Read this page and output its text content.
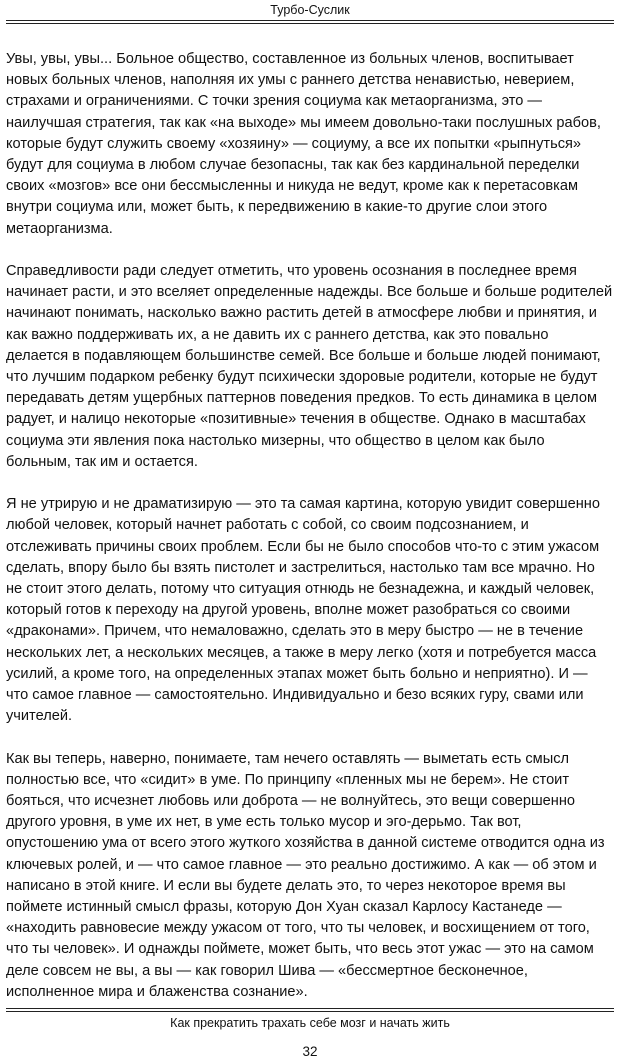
Турбо-Суслик

Увы, увы, увы... Больное общество, составленное из больных членов, воспитывает новых больных членов, наполняя их умы с раннего детства ненавистью, неверием, страхами и ограничениями. С точки зрения социума как метаорганизма, это — наилучшая стратегия, так как «на выходе» мы имеем довольно-таки послушных рабов, которые будут служить своему «хозяину» — социуму, а все их попытки «рыпнуться» будут для социума в любом случае безопасны, так как без кардинальной переделки своих «мозгов» все они бессмысленны и никуда не ведут, кроме как к перетасовкам внутри социума или, может быть, к передвижению в какие-то другие слои этого метаорганизма.

Справедливости ради следует отметить, что уровень осознания в последнее время начинает расти, и это вселяет определенные надежды. Все больше и больше родителей начинают понимать, насколько важно растить детей в атмосфере любви и принятия, и как важно поддерживать их, а не давить их с раннего детства, как это повально делается в подавляющем большинстве семей. Все больше и больше людей понимают, что лучшим подарком ребенку будут психически здоровые родители, которые не будут передавать детям ущербных паттернов поведения предков. То есть динамика в целом радует, и налицо некоторые «позитивные» течения в обществе. Однако в масштабах социума эти явления пока настолько мизерны, что общество в целом как было больным, так им и остается.

Я не утрирую и не драматизирую — это та самая картина, которую увидит совершенно любой человек, который начнет работать с собой, со своим подсознанием, и отслеживать причины своих проблем. Если бы не было способов что-то с этим ужасом сделать, впору было бы взять пистолет и застрелиться, настолько там все мрачно. Но не стоит этого делать, потому что ситуация отнюдь не безнадежна, и каждый человек, который готов к переходу на другой уровень, вполне может разобраться со своими «драконами». Причем, что немаловажно, сделать это в меру быстро — не в течение нескольких лет, а нескольких месяцев, а также в меру легко (хотя и потребуется масса усилий, а кроме того, на определенных этапах может быть больно и неприятно). И — что самое главное — самостоятельно. Индивидуально и безо всяких гуру, свами или учителей.

Как вы теперь, наверно, понимаете, там нечего оставлять — выметать есть смысл полностью все, что «сидит» в уме. По принципу «пленных мы не берем». Не стоит бояться, что исчезнет любовь или доброта — не волнуйтесь, это вещи совершенно другого уровня, в уме их нет, в уме есть только мусор и эго-дерьмо. Так вот, опустошению ума от всего этого жуткого хозяйства в данной системе отводится одна из ключевых ролей, и — что самое главное — это реально достижимо. А как — об этом и написано в этой книге. И если вы будете делать это, то через некоторое время вы поймете истинный смысл фразы, которую Дон Хуан сказал Карлосу Кастанеде — «находить равновесие между ужасом от того, что ты человек, и восхищением от того, что ты человек». И однажды поймете, может быть, что весь этот ужас — это на самом деле совсем не вы, а вы — как говорил Шива — «бессмертное бесконечное, исполненное мира и блаженства сознание».

Как прекратить трахать себе мозг и начать жить
32
